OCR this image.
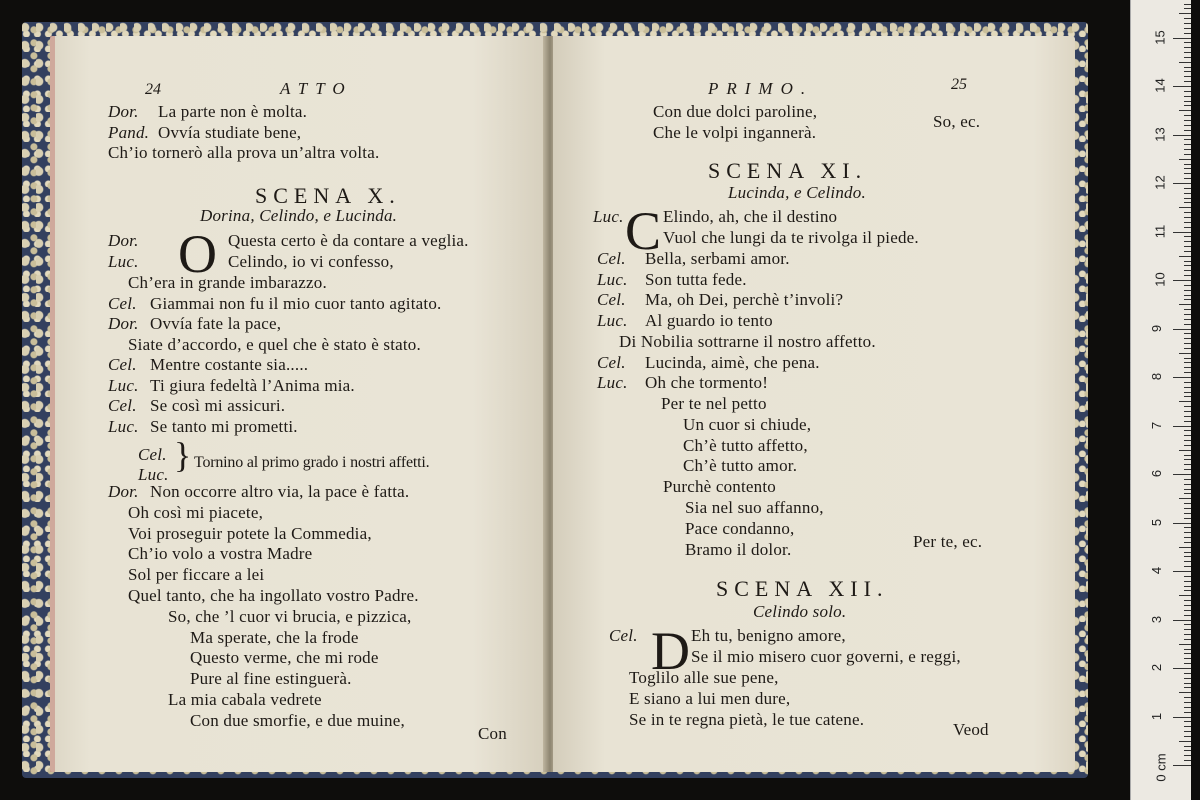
24	ATTO
Dor. La parte non è molta.
Pand. Ovvía studiate bene,
Ch’io tornerò alla prova un’altra volta.
SCENA X.
Dorina, Celindo, e Lucinda.
O
Dor.	Questa certo è da contare a veglia.
Luc.	Celindo, io vi confesso,
Ch’era in grande imbarazzo.
Cel. Giammai non fu il mio cuor tanto agitato.
Dor. Ovvía fate la pace,
Siate d’accordo, e quel che è stato è stato.
Cel. Mentre costante sia.....
Luc. Ti giura fedeltà l’Anima mia.
Cel. Se così mi assicuri.
Luc. Se tanto mi prometti.
Cel.
Luc. } Tornino al primo grado i nostri affetti.
Dor. Non occorre altro via, la pace è fatta.
Oh così mi piacete,
Voi proseguir potete la Commedia,
Ch’io volo a vostra Madre
Sol per ficcare a lei
Quel tanto, che ha ingollato vostro Padre.
So, che ’l cuor vi brucia, e pizzica,
Ma sperate, che la frode
Questo verme, che mi rode
Pure al fine estinguerà.
La mia cabala vedrete
Con due smorfie, e due muine,
Con
PRIMO.	25
Con due dolci paroline,
Che le volpi ingannerà.
So, ec.
SCENA XI.
Lucinda, e Celindo.
C
Luc. Elindo, ah, che il destino
Vuol che lungi da te rivolga il piede.
Cel. Bella, serbami amor.
Luc. Son tutta fede.
Cel. Ma, oh Dei, perchè t’involi?
Luc. Al guardo io tento
Di Nobilia sottrarne il nostro affetto.
Cel. Lucinda, aimè, che pena.
Luc. Oh che tormento!
Per te nel petto
Un cuor si chiude,
Ch’è tutto affetto,
Ch’è tutto amor.
Purchè contento
Sia nel suo affanno,
Pace condanno,
Bramo il dolor.	Per te, ec.
SCENA XII.
Celindo solo.
D
Cel.	Eh tu, benigno amore,
Se il mio misero cuor governi, e reggi,
Toglilo alle sue pene,
E siano a lui men dure,
Se in te regna pietà, le tue catene.
Veod
1
2
3
4
5
6
7
8
9
10
11
12
13
14
15
0 cm
